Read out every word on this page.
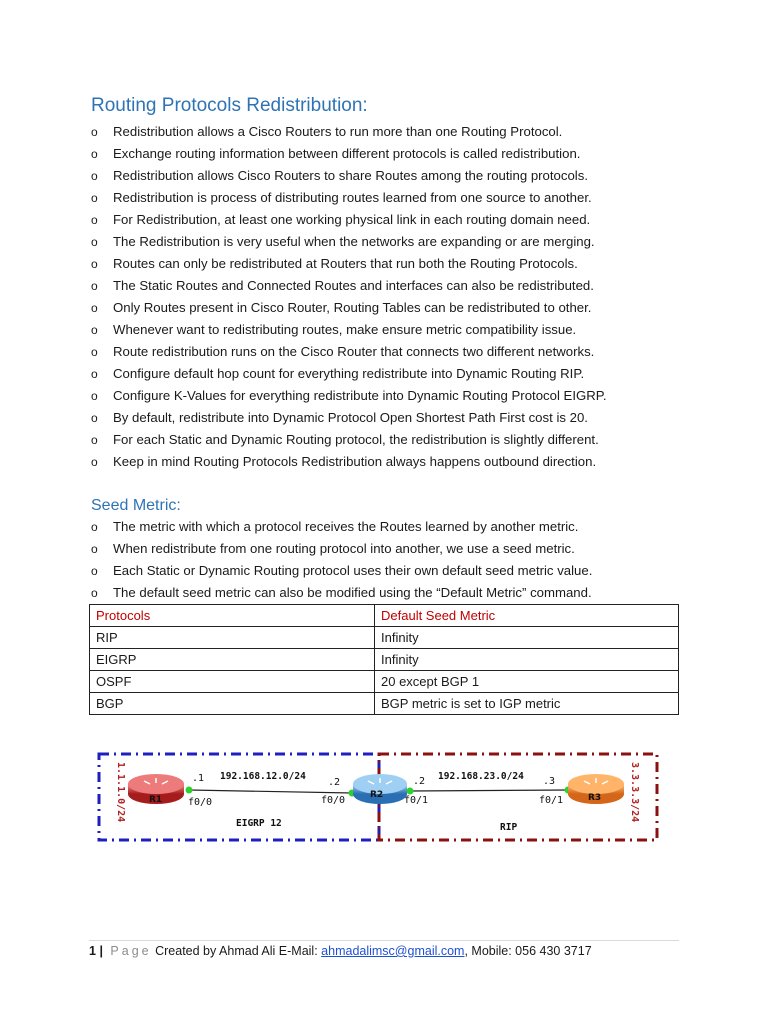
Routing Protocols Redistribution:
o Redistribution allows a Cisco Routers to run more than one Routing Protocol.
o Exchange routing information between different protocols is called redistribution.
o Redistribution allows Cisco Routers to share Routes among the routing protocols.
o Redistribution is process of distributing routes learned from one source to another.
o For Redistribution, at least one working physical link in each routing domain need.
o The Redistribution is very useful when the networks are expanding or are merging.
o Routes can only be redistributed at Routers that run both the Routing Protocols.
o The Static Routes and Connected Routes and interfaces can also be redistributed.
o Only Routes present in Cisco Router, Routing Tables can be redistributed to other.
o Whenever want to redistributing routes, make ensure metric compatibility issue.
o Route redistribution runs on the Cisco Router that connects two different networks.
o Configure default hop count for everything redistribute into Dynamic Routing RIP.
o Configure K-Values for everything redistribute into Dynamic Routing Protocol EIGRP.
o By default, redistribute into Dynamic Protocol Open Shortest Path First cost is 20.
o For each Static and Dynamic Routing protocol, the redistribution is slightly different.
o Keep in mind Routing Protocols Redistribution always happens outbound direction.
Seed Metric:
o The metric with which a protocol receives the Routes learned by another metric.
o When redistribute from one routing protocol into another, we use a seed metric.
o Each Static or Dynamic Routing protocol uses their own default seed metric value.
o The default seed metric can also be modified using the “Default Metric” command.
Protocols	Default Seed Metric
RIP	Infinity
EIGRP	Infinity
OSPF	20 except BGP 1
BGP	BGP metric is set to IGP metric
1.1.1.0/24	3.3.3.3/24
R1	R2	R3
192.168.12.0/24	192.168.23.0/24
.1	.2	.2	.3
f0/0	f0/0	f0/1	f0/1
EIGRP 12	RIP
1 | Page Created by Ahmad Ali E-Mail: ahmadalimsc@gmail.com, Mobile: 056 430 3717
